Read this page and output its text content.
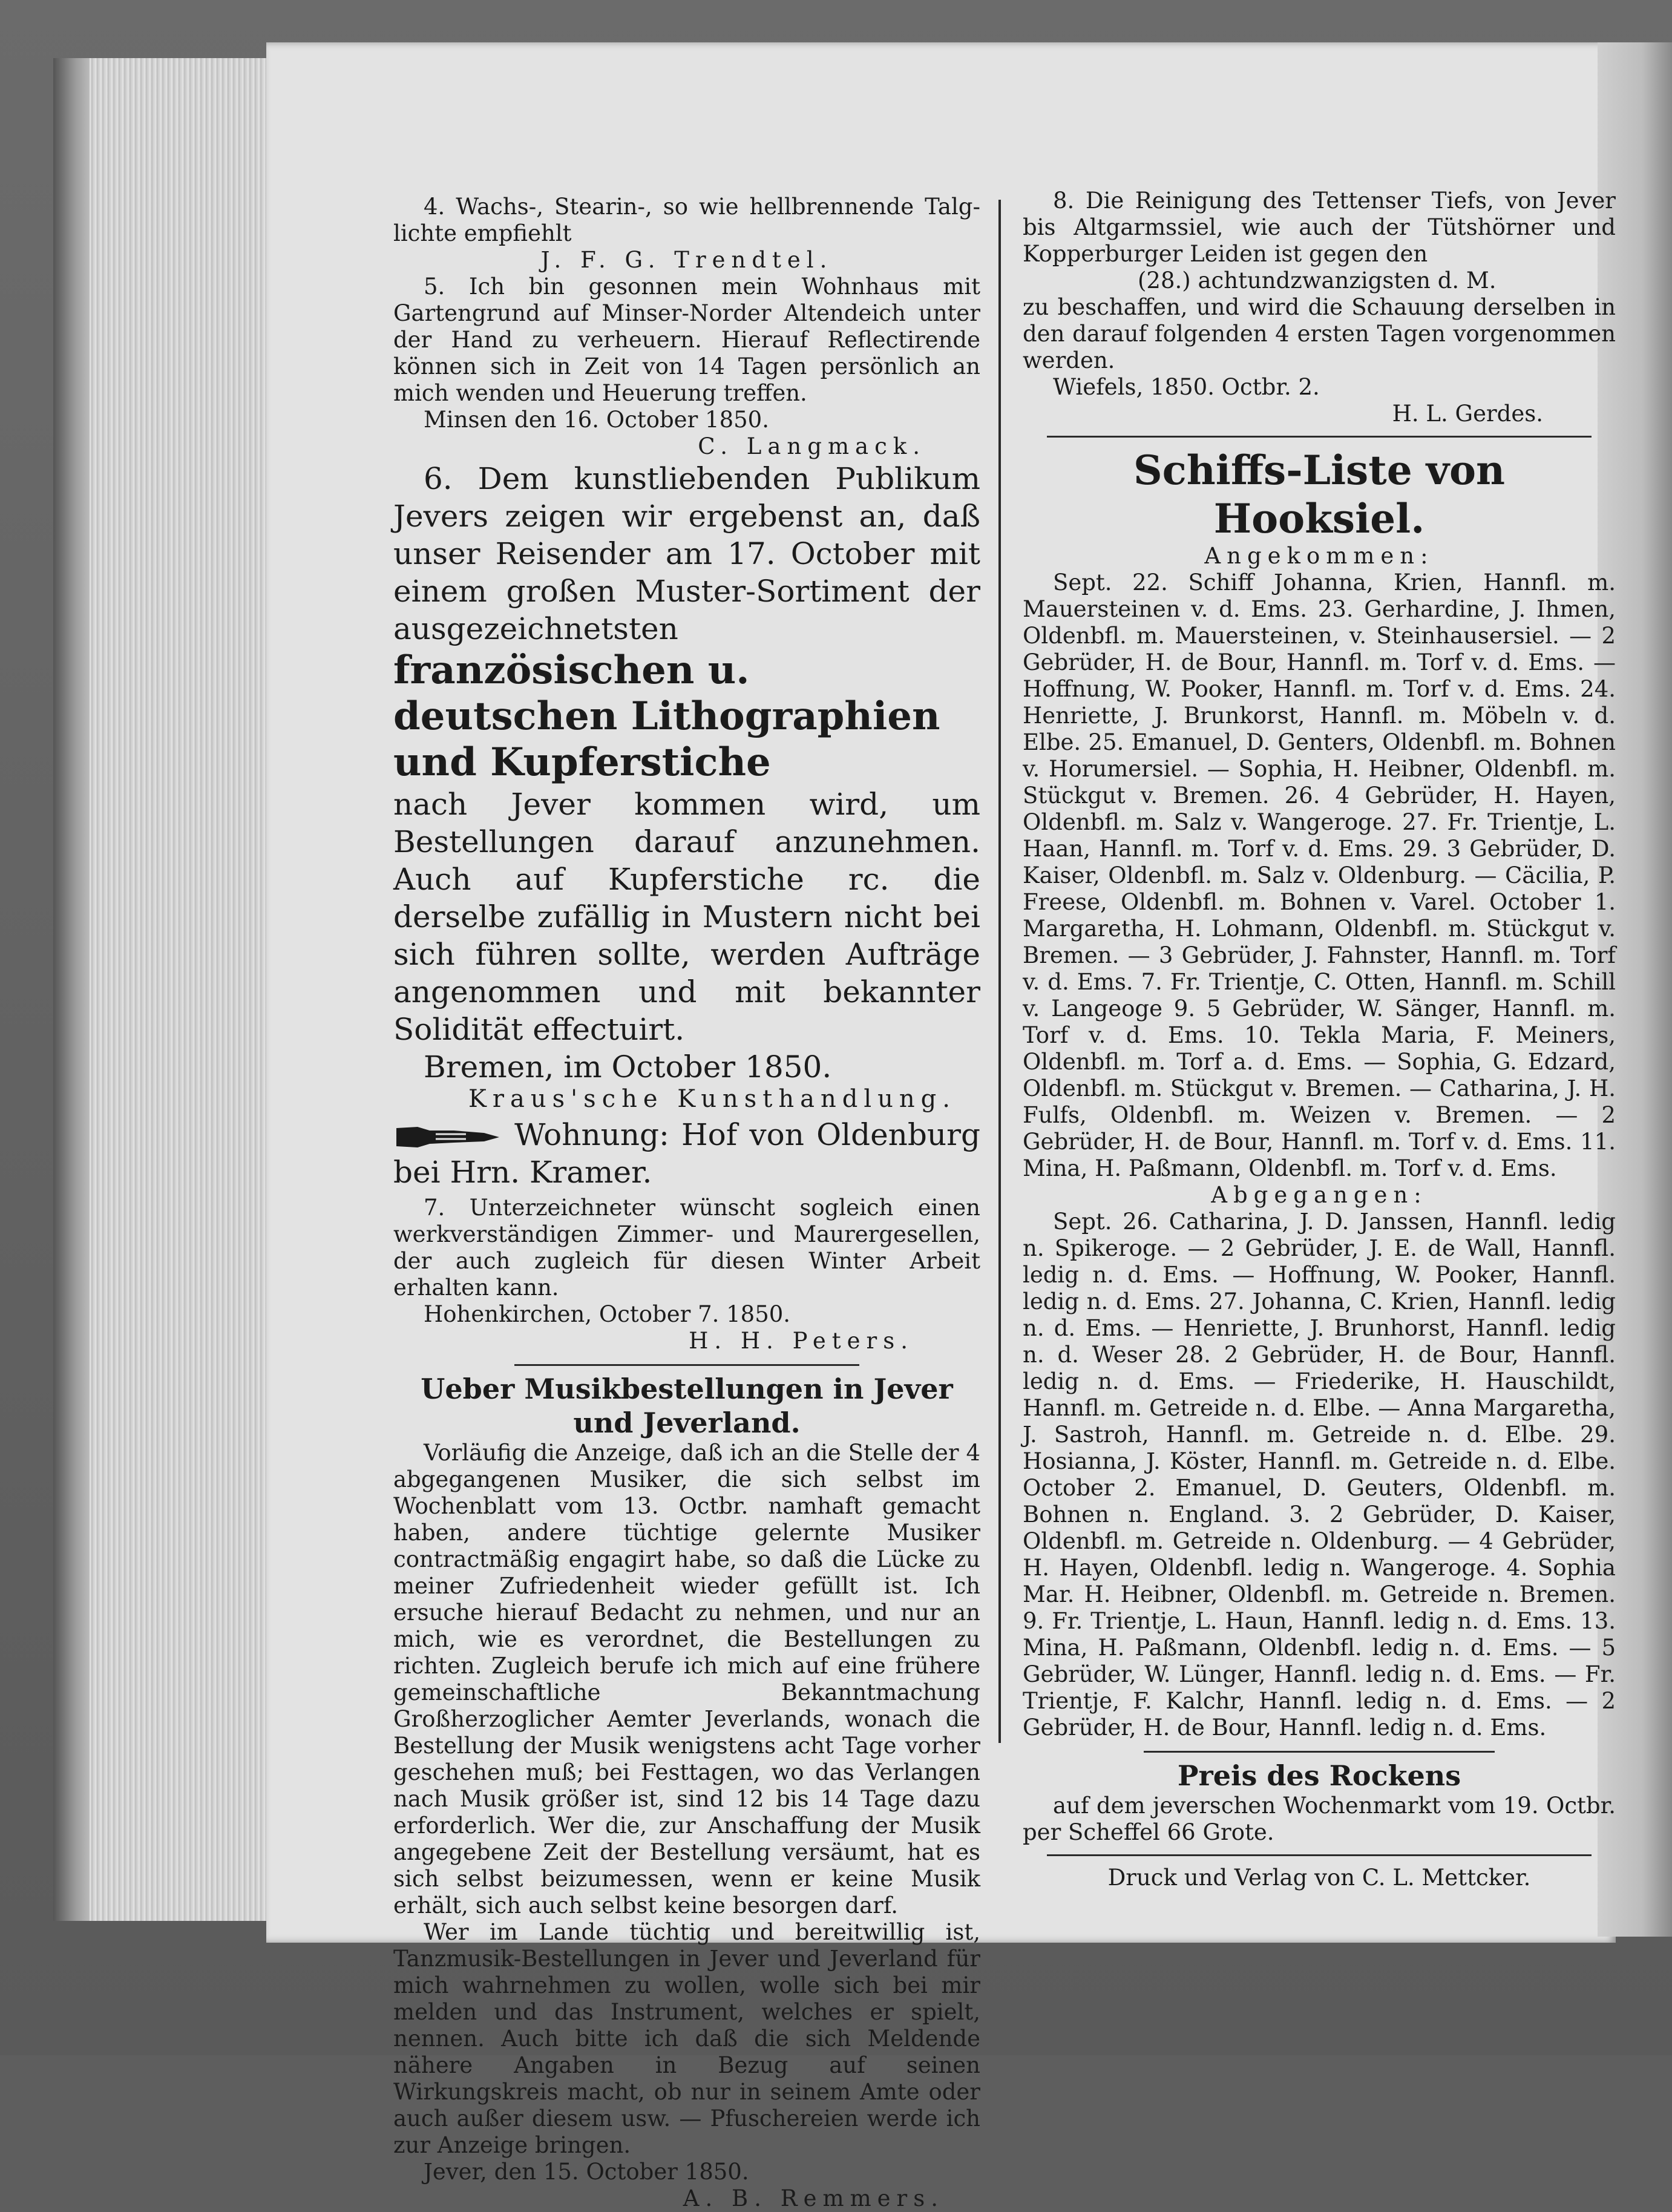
4. Wachs-, Stearin-, so wie hellbrennende Talg-lichte empfiehlt

J. F. G. Trendtel.

5. Ich bin gesonnen mein Wohnhaus mit Gartengrund auf Minser-Norder Altendeich unter der Hand zu verheuern. Hierauf Reflectirende können sich in Zeit von 14 Tagen persönlich an mich wenden und Heuerung treffen.

Minsen den 16. October 1850.

C. Langmack.

6. Dem kunstliebenden Publikum Jevers zeigen wir ergebenst an, daß unser Reisender am 17. October mit einem großen Muster-Sortiment der ausgezeichnetsten

französischen u. deutschen Lithographien und Kupferstiche

nach Jever kommen wird, um Bestellungen darauf anzunehmen. Auch auf Kupferstiche rc. die derselbe zufällig in Mustern nicht bei sich führen sollte, werden Aufträge angenommen und mit bekannter Solidität effectuirt.

Bremen, im October 1850.

Kraus'sche Kunsthandlung.

Wohnung: Hof von Oldenburg bei Hrn. Kramer.

7. Unterzeichneter wünscht sogleich einen werkverständigen Zimmer- und Maurergesellen, der auch zugleich für diesen Winter Arbeit erhalten kann.

Hohenkirchen, October 7. 1850.

H. H. Peters.

Ueber Musikbestellungen in Jever und Jeverland.

Vorläufig die Anzeige, daß ich an die Stelle der 4 abgegangenen Musiker, die sich selbst im Wochenblatt vom 13. Octbr. namhaft gemacht haben, andere tüchtige gelernte Musiker contractmäßig engagirt habe, so daß die Lücke zu meiner Zufriedenheit wieder gefüllt ist. Ich ersuche hierauf Bedacht zu nehmen, und nur an mich, wie es verordnet, die Bestellungen zu richten. Zugleich berufe ich mich auf eine frühere gemeinschaftliche Bekanntmachung Großherzoglicher Aemter Jeverlands, wonach die Bestellung der Musik wenigstens acht Tage vorher geschehen muß; bei Festtagen, wo das Verlangen nach Musik größer ist, sind 12 bis 14 Tage dazu erforderlich. Wer die, zur Anschaffung der Musik angegebene Zeit der Bestellung versäumt, hat es sich selbst beizumessen, wenn er keine Musik erhält, sich auch selbst keine besorgen darf.

Wer im Lande tüchtig und bereitwillig ist, Tanzmusik-Bestellungen in Jever und Jeverland für mich wahrnehmen zu wollen, wolle sich bei mir melden und das Instrument, welches er spielt, nennen. Auch bitte ich daß die sich Meldende nähere Angaben in Bezug auf seinen Wirkungskreis macht, ob nur in seinem Amte oder auch außer diesem usw. — Pfuschereien werde ich zur Anzeige bringen.

Jever, den 15. October 1850.

A. B. Remmers.

8. Die Reinigung des Tettenser Tiefs, von Jever bis Altgarmssiel, wie auch der Tütshörner und Kopperburger Leiden ist gegen den

(28.) achtundzwanzigsten d. M.

zu beschaffen, und wird die Schauung derselben in den darauf folgenden 4 ersten Tagen vorgenommen werden.

Wiefels, 1850. Octbr. 2.

H. L. Gerdes.

Schiffs-Liste von Hooksiel.

Angekommen:

Sept. 22. Schiff Johanna, Krien, Hannfl. m. Mauersteinen v. d. Ems. 23. Gerhardine, J. Ihmen, Oldenbfl. m. Mauersteinen, v. Steinhausersiel. — 2 Gebrüder, H. de Bour, Hannfl. m. Torf v. d. Ems. — Hoffnung, W. Pooker, Hannfl. m. Torf v. d. Ems. 24. Henriette, J. Brunkorst, Hannfl. m. Möbeln v. d. Elbe. 25. Emanuel, D. Genters, Oldenbfl. m. Bohnen v. Horumersiel. — Sophia, H. Heibner, Oldenbfl. m. Stückgut v. Bremen. 26. 4 Gebrüder, H. Hayen, Oldenbfl. m. Salz v. Wangeroge. 27. Fr. Trientje, L. Haan, Hannfl. m. Torf v. d. Ems. 29. 3 Gebrüder, D. Kaiser, Oldenbfl. m. Salz v. Oldenburg. — Cäcilia, P. Freese, Oldenbfl. m. Bohnen v. Varel. October 1. Margaretha, H. Lohmann, Oldenbfl. m. Stückgut v. Bremen. — 3 Gebrüder, J. Fahnster, Hannfl. m. Torf v. d. Ems. 7. Fr. Trientje, C. Otten, Hannfl. m. Schill v. Langeoge 9. 5 Gebrüder, W. Sänger, Hannfl. m. Torf v. d. Ems. 10. Tekla Maria, F. Meiners, Oldenbfl. m. Torf a. d. Ems. — Sophia, G. Edzard, Oldenbfl. m. Stückgut v. Bremen. — Catharina, J. H. Fulfs, Oldenbfl. m. Weizen v. Bremen. — 2 Gebrüder, H. de Bour, Hannfl. m. Torf v. d. Ems. 11. Mina, H. Paßmann, Oldenbfl. m. Torf v. d. Ems.

Abgegangen:

Sept. 26. Catharina, J. D. Janssen, Hannfl. ledig n. Spikeroge. — 2 Gebrüder, J. E. de Wall, Hannfl. ledig n. d. Ems. — Hoffnung, W. Pooker, Hannfl. ledig n. d. Ems. 27. Johanna, C. Krien, Hannfl. ledig n. d. Ems. — Henriette, J. Brunhorst, Hannfl. ledig n. d. Weser 28. 2 Gebrüder, H. de Bour, Hannfl. ledig n. d. Ems. — Friederike, H. Hauschildt, Hannfl. m. Getreide n. d. Elbe. — Anna Margaretha, J. Sastroh, Hannfl. m. Getreide n. d. Elbe. 29. Hosianna, J. Köster, Hannfl. m. Getreide n. d. Elbe. October 2. Emanuel, D. Geuters, Oldenbfl. m. Bohnen n. England. 3. 2 Gebrüder, D. Kaiser, Oldenbfl. m. Getreide n. Oldenburg. — 4 Gebrüder, H. Hayen, Oldenbfl. ledig n. Wangeroge. 4. Sophia Mar. H. Heibner, Oldenbfl. m. Getreide n. Bremen. 9. Fr. Trientje, L. Haun, Hannfl. ledig n. d. Ems. 13. Mina, H. Paßmann, Oldenbfl. ledig n. d. Ems. — 5 Gebrüder, W. Lünger, Hannfl. ledig n. d. Ems. — Fr. Trientje, F. Kalchr, Hannfl. ledig n. d. Ems. — 2 Gebrüder, H. de Bour, Hannfl. ledig n. d. Ems.

Preis des Rockens

auf dem jeverschen Wochenmarkt vom 19. Octbr. per Scheffel 66 Grote.

Druck und Verlag von C. L. Mettcker.
